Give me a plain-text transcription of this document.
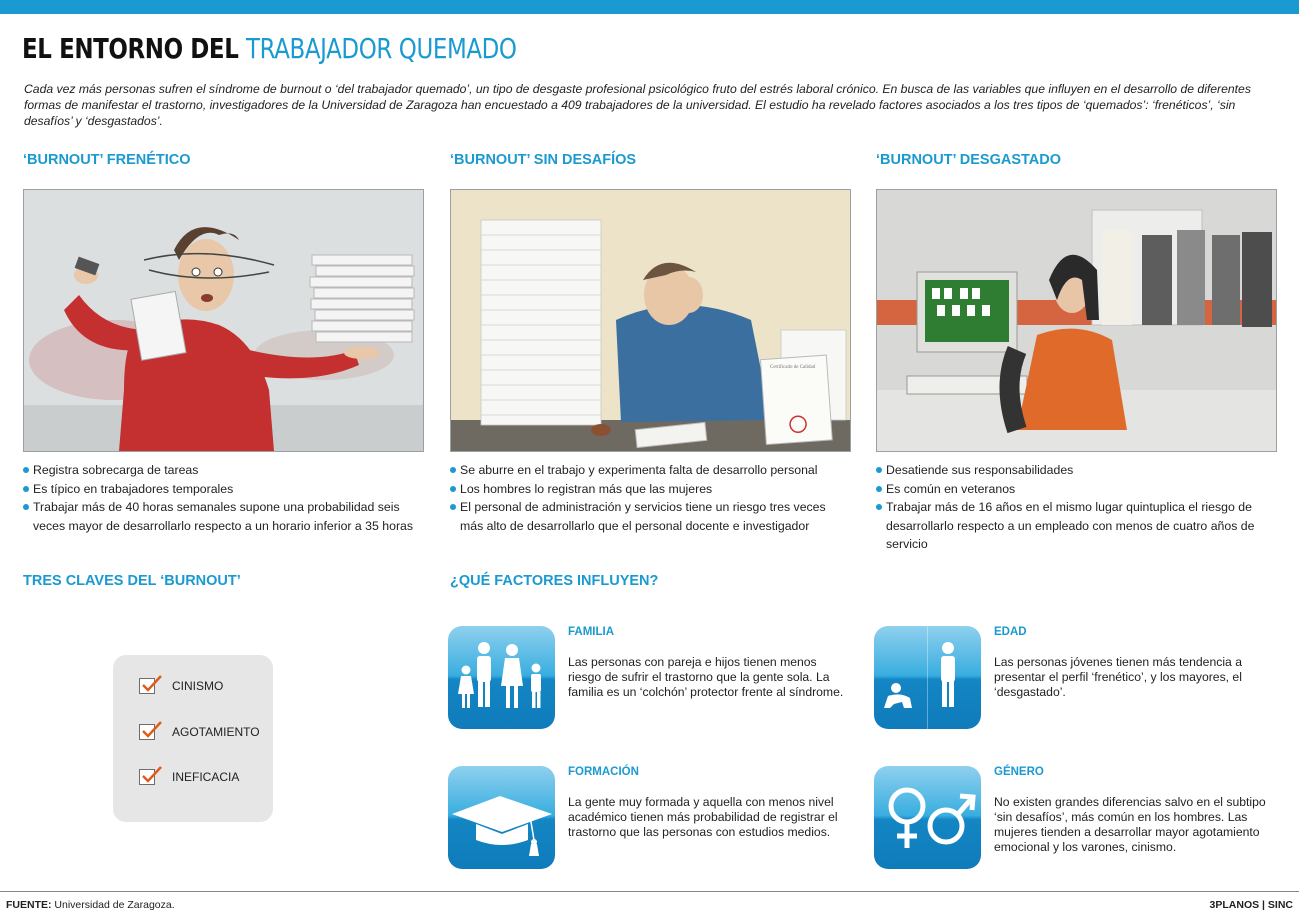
EL ENTORNO DEL TRABAJADOR QUEMADO

Cada vez más personas sufren el síndrome de burnout o ‘del trabajador quemado’, un tipo de desgaste profesional psicológico fruto del estrés laboral crónico. En busca de las variables que influyen en el desarrollo de diferentes formas de manifestar el trastorno, investigadores de la Universidad de Zaragoza han encuestado a 409 trabajadores de la universidad. El estudio ha revelado factores asociados a los tres tipos de ‘quemados’: ‘frenéticos’, ‘sin desafíos’ y ‘desgastados’.

‘BURNOUT’ FRENÉTICO
Registra sobrecarga de tareas
Es típico en trabajadores temporales
Trabajar más de 40 horas semanales supone una probabilidad seis veces mayor de desarrollarlo respecto a un horario inferior a 35 horas
‘BURNOUT’ SIN DESAFÍOS
Certificado de Calidad
Se aburre en el trabajo y experimenta falta de desarrollo personal
Los hombres lo registran más que las mujeres
El personal de administración y servicios tiene un riesgo tres veces más alto de desarrollarlo que el personal docente e investigador
‘BURNOUT’ DESGASTADO
Desatiende sus responsabilidades
Es común en veteranos
Trabajar más de 16 años en el mismo lugar quintuplica el riesgo de desarrollarlo respecto a un empleado con menos de cuatro años de servicio
TRES CLAVES DEL ‘BURNOUT’
CINISMO
AGOTAMIENTO
INEFICACIA
¿QUÉ FACTORES INFLUYEN?
FAMILIA

Las personas con pareja e hijos tienen menos riesgo de sufrir el trastorno que la gente sola. La familia es un ‘colchón’ protector frente al síndrome.

EDAD

Las personas jóvenes tienen más tendencia a presentar el perfil ‘frenético’, y los mayores, el ‘desgastado’.

FORMACIÓN

La gente muy formada y aquella con menos nivel académico tienen más probabilidad de registrar el trastorno que las personas con estudios medios.

GÉNERO

No existen grandes diferencias salvo en el subtipo ‘sin desafíos’, más común en los hombres. Las mujeres tienden a desarrollar mayor agotamiento emocional y los varones, cinismo.

FUENTE: Universidad de Zaragoza.	3PLANOS | SINC
